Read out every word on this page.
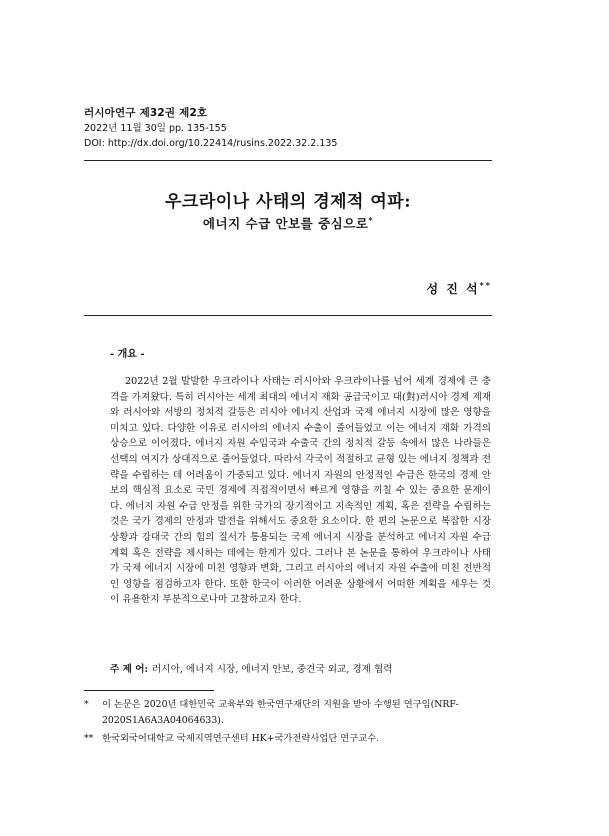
러시아연구 제32권 제2호
2022년 11월 30일 pp. 135-155
DOI: http://dx.doi.org/10.22414/rusins.2022.32.2.135
우크라이나 사태의 경제적 여파:
에너지 수급 안보를 중심으로*
성 진 석**
- 개요 -

2022년 2월 발발한 우크라이나 사태는 러시아와 우크라이나를 넘어 세계 경제에 큰 충격을 가져왔다. 특히 러시아는 세계 최대의 에너지 재화 공급국이고 대(對)러시아 경제 제재와 러시아와 서방의 정치적 갈등은 러시아 에너지 산업과 국제 에너지 시장에 많은 영향을 미치고 있다. 다양한 이유로 러시아의 에너지 수출이 줄어들었고 이는 에너지 재화 가격의 상승으로 이어졌다. 에너지 자원 수입국과 수출국 간의 정치적 갈등 속에서 많은 나라들은 선택의 여지가 상대적으로 줄어들었다. 따라서 각국이 적절하고 균형 있는 에너지 정책과 전략을 수립하는 데 어려움이 가중되고 있다. 에너지 자원의 안정적인 수급은 한국의 경제 안보의 핵심적 요소로 국민 경제에 직접적이면서 빠르게 영향을 끼칠 수 있는 중요한 문제이다. 에너지 자원 수급 안정을 위한 국가의 장기적이고 지속적인 계획, 혹은 전략을 수립하는 것은 국가 경제의 안정과 발전을 위해서도 중요한 요소이다. 한 편의 논문으로 복잡한 시장 상황과 강대국 간의 힘의 질서가 통용되는 국제 에너지 시장을 분석하고 에너지 자원 수급 계획 혹은 전략을 제시하는 데에는 한계가 있다. 그러나 본 논문을 통하여 우크라이나 사태가 국제 에너지 시장에 미친 영향과 변화, 그리고 러시아의 에너지 자원 수출에 미친 전반적인 영향을 점검하고자 한다. 또한 한국이 이러한 어려운 상황에서 어떠한 계획을 세우는 것이 유용한지 부분적으로나마 고찰하고자 한다.

주 제 어: 러시아, 에너지 시장, 에너지 안보, 중견국 외교, 경제 협력
* 이 논문은 2020년 대한민국 교육부와 한국연구재단의 지원을 받아 수행된 연구임(NRF-2020S1A6A3A04064633).
** 한국외국어대학교 국제지역연구센터 HK+국가전략사업단 연구교수.
